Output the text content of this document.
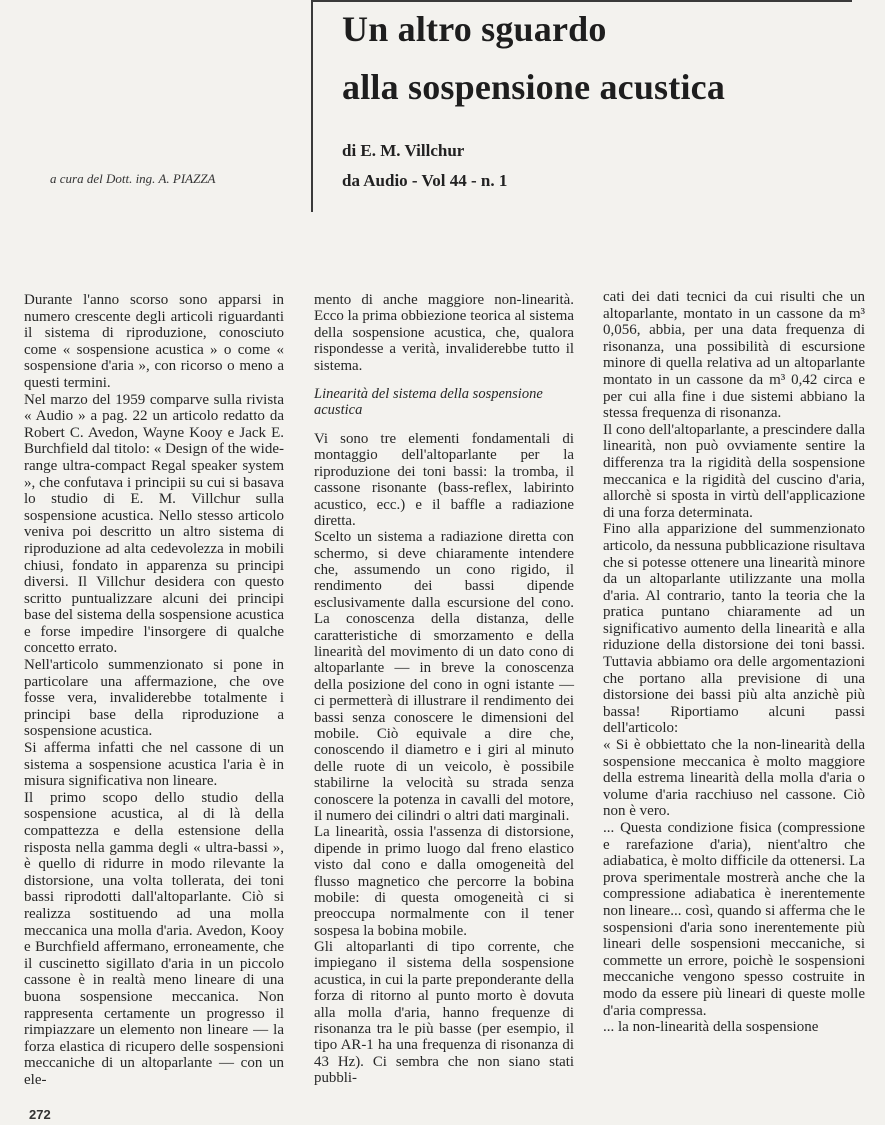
Un altro sguardo
alla sospensione acustica
di E. M. Villchur
da Audio - Vol 44 - n. 1
a cura del Dott. ing. A. PIAZZA

Durante l'anno scorso sono apparsi in numero crescente degli articoli riguardanti il sistema di riproduzione, conosciuto come « sospensione acustica » o come « sospensione d'aria », con ricorso o meno a questi termini.

Nel marzo del 1959 comparve sulla rivista « Audio » a pag. 22 un articolo redatto da Robert C. Avedon, Wayne Kooy e Jack E. Burchfield dal titolo: « Design of the wide-range ultra-compact Regal speaker system », che confutava i principii su cui si basava lo studio di E. M. Villchur sulla sospensione acustica. Nello stesso articolo veniva poi descritto un altro sistema di riproduzione ad alta cedevolezza in mobili chiusi, fondato in apparenza su principi diversi. Il Villchur desidera con questo scritto puntualizzare alcuni dei principi base del sistema della sospensione acustica e forse impedire l'insorgere di qualche concetto errato.

Nell'articolo summenzionato si pone in particolare una affermazione, che ove fosse vera, invaliderebbe totalmente i principi base della riproduzione a sospensione acustica.

Si afferma infatti che nel cassone di un sistema a sospensione acustica l'aria è in misura significativa non lineare.

Il primo scopo dello studio della sospensione acustica, al di là della compattezza e della estensione della risposta nella gamma degli « ultra-bassi », è quello di ridurre in modo rilevante la distorsione, una volta tollerata, dei toni bassi riprodotti dall'altoparlante. Ciò si realizza sostituendo ad una molla meccanica una molla d'aria. Avedon, Kooy e Burchfield affermano, erroneamente, che il cuscinetto sigillato d'aria in un piccolo cassone è in realtà meno lineare di una buona sospensione meccanica. Non rappresenta certamente un progresso il rimpiazzare un elemento non lineare — la forza elastica di ricupero delle sospensioni meccaniche di un altoparlante — con un ele-

mento di anche maggiore non-linearità. Ecco la prima obbiezione teorica al sistema della sospensione acustica, che, qualora rispondesse a verità, invaliderebbe tutto il sistema.

Linearità del sistema della sospensione acustica

Vi sono tre elementi fondamentali di montaggio dell'altoparlante per la riproduzione dei toni bassi: la tromba, il cassone risonante (bass-reflex, labirinto acustico, ecc.) e il baffle a radiazione diretta.

Scelto un sistema a radiazione diretta con schermo, si deve chiaramente intendere che, assumendo un cono rigido, il rendimento dei bassi dipende esclusivamente dalla escursione del cono. La conoscenza della distanza, delle caratteristiche di smorzamento e della linearità del movimento di un dato cono di altoparlante — in breve la conoscenza della posizione del cono in ogni istante — ci permetterà di illustrare il rendimento dei bassi senza conoscere le dimensioni del mobile. Ciò equivale a dire che, conoscendo il diametro e i giri al minuto delle ruote di un veicolo, è possibile stabilirne la velocità su strada senza conoscere la potenza in cavalli del motore, il numero dei cilindri o altri dati marginali.

La linearità, ossia l'assenza di distorsione, dipende in primo luogo dal freno elastico visto dal cono e dalla omogeneità del flusso magnetico che percorre la bobina mobile: di questa omogeneità ci si preoccupa normalmente con il tener sospesa la bobina mobile.

Gli altoparlanti di tipo corrente, che impiegano il sistema della sospensione acustica, in cui la parte preponderante della forza di ritorno al punto morto è dovuta alla molla d'aria, hanno frequenze di risonanza tra le più basse (per esempio, il tipo AR-1 ha una frequenza di risonanza di 43 Hz). Ci sembra che non siano stati pubbli-

cati dei dati tecnici da cui risulti che un altoparlante, montato in un cassone da m³ 0,056, abbia, per una data frequenza di risonanza, una possibilità di escursione minore di quella relativa ad un altoparlante montato in un cassone da m³ 0,42 circa e per cui alla fine i due sistemi abbiano la stessa frequenza di risonanza.

Il cono dell'altoparlante, a prescindere dalla linearità, non può ovviamente sentire la differenza tra la rigidità della sospensione meccanica e la rigidità del cuscino d'aria, allorchè si sposta in virtù dell'applicazione di una forza determinata.

Fino alla apparizione del summenzionato articolo, da nessuna pubblicazione risultava che si potesse ottenere una linearità minore da un altoparlante utilizzante una molla d'aria. Al contrario, tanto la teoria che la pratica puntano chiaramente ad un significativo aumento della linearità e alla riduzione della distorsione dei toni bassi. Tuttavia abbiamo ora delle argomentazioni che portano alla previsione di una distorsione dei bassi più alta anzichè più bassa! Riportiamo alcuni passi dell'articolo:

« Si è obbiettato che la non-linearità della sospensione meccanica è molto maggiore della estrema linearità della molla d'aria o volume d'aria racchiuso nel cassone. Ciò non è vero.

... Questa condizione fisica (compressione e rarefazione d'aria), nient'altro che adiabatica, è molto difficile da ottenersi. La prova sperimentale mostrerà anche che la compressione adiabatica è inerentemente non lineare... così, quando si afferma che le sospensioni d'aria sono inerentemente più lineari delle sospensioni meccaniche, si commette un errore, poichè le sospensioni meccaniche vengono spesso costruite in modo da essere più lineari di queste molle d'aria compressa.

... la non-linearità della sospensione

272
